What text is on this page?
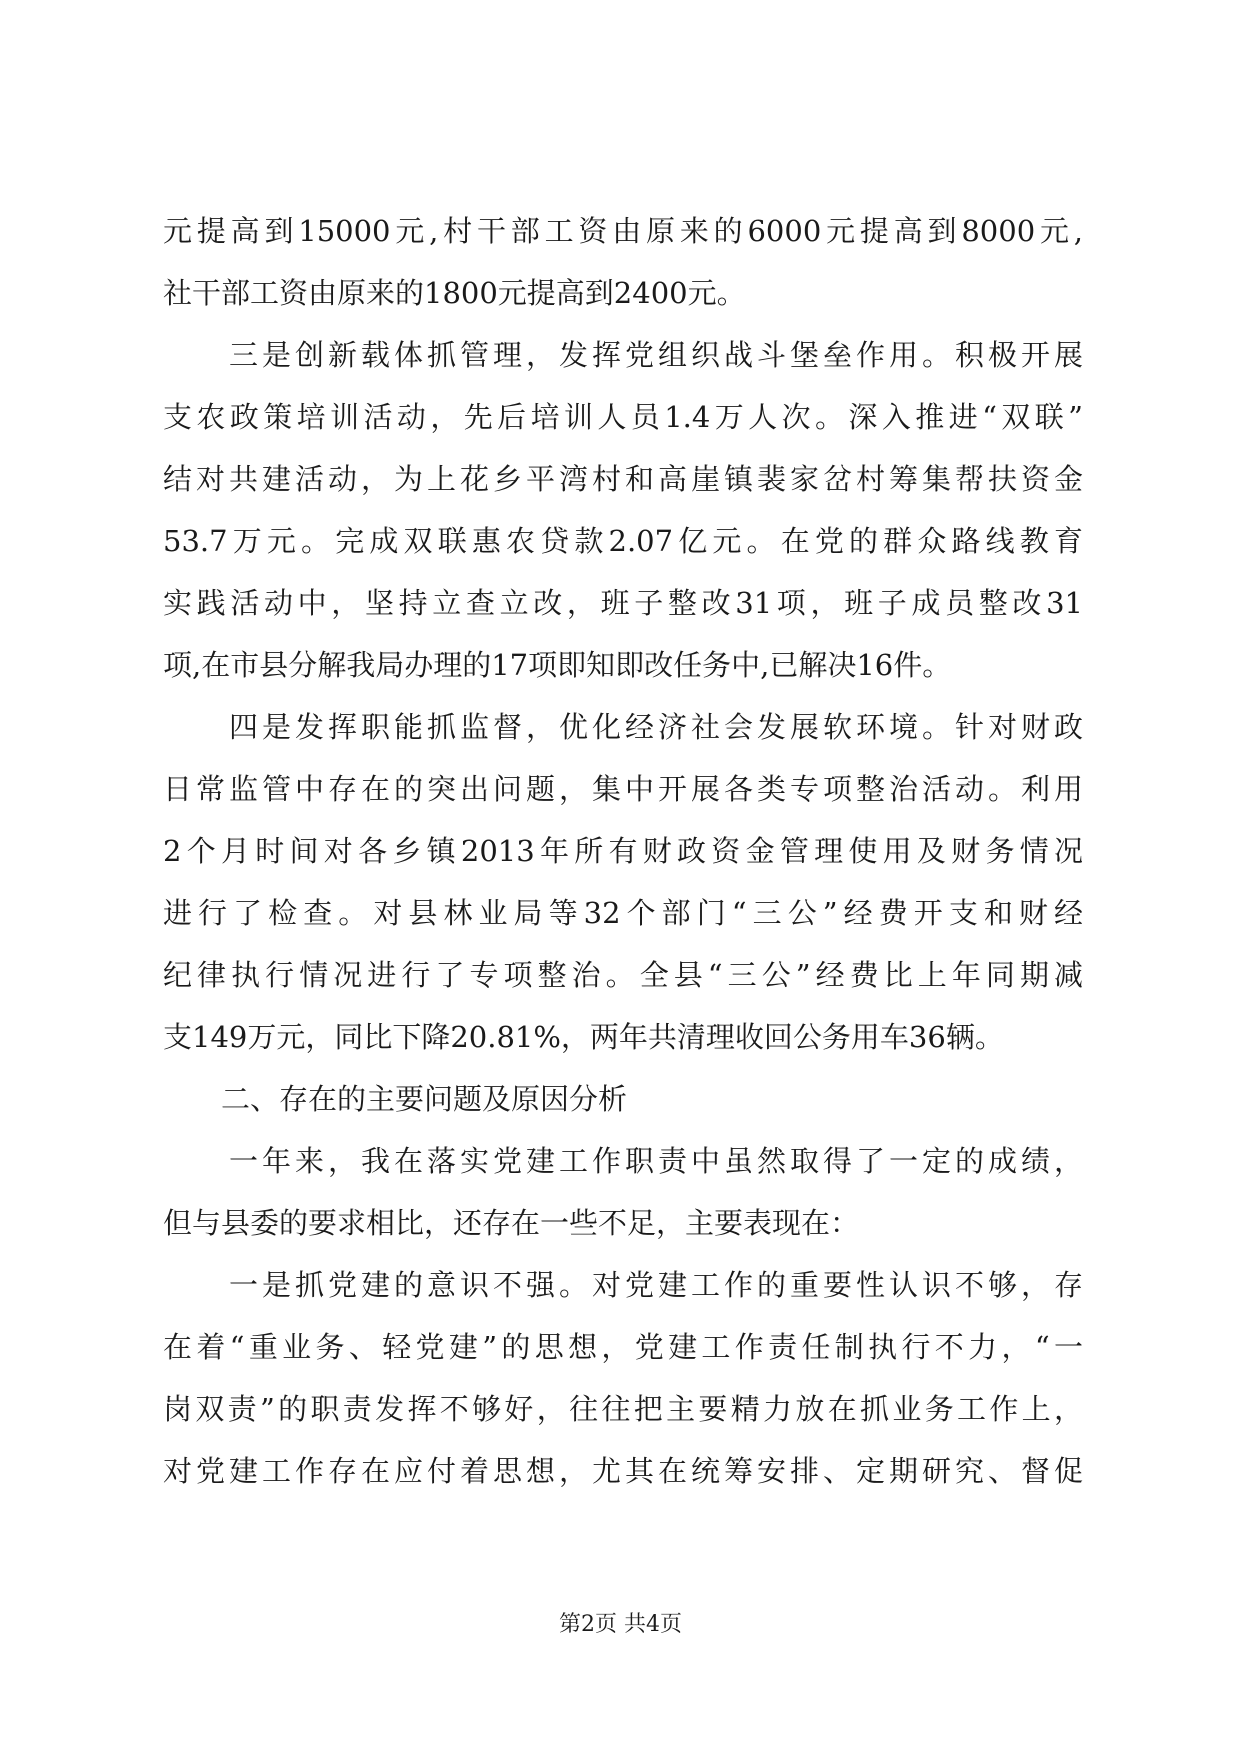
元提高到15000元,村干部工资由原来的6000元提高到8000元,
社干部工资由原来的1800元提高到2400元。
　　三是创新载体抓管理，发挥党组织战斗堡垒作用。积极开展
支农政策培训活动，先后培训人员1.4万人次。深入推进“双联”
结对共建活动，为上花乡平湾村和高崖镇裴家岔村筹集帮扶资金
53.7万元。完成双联惠农贷款2.07亿元。在党的群众路线教育
实践活动中，坚持立查立改，班子整改31项，班子成员整改31
项,在市县分解我局办理的17项即知即改任务中,已解决16件。
　　四是发挥职能抓监督，优化经济社会发展软环境。针对财政
日常监管中存在的突出问题，集中开展各类专项整治活动。利用
2个月时间对各乡镇2013年所有财政资金管理使用及财务情况
进行了检查。对县林业局等32个部门“三公”经费开支和财经
纪律执行情况进行了专项整治。全县“三公”经费比上年同期减
支149万元，同比下降20.81%，两年共清理收回公务用车36辆。
　　二、存在的主要问题及原因分析
　　一年来，我在落实党建工作职责中虽然取得了一定的成绩，
但与县委的要求相比，还存在一些不足，主要表现在：
　　一是抓党建的意识不强。对党建工作的重要性认识不够，存
在着“重业务、轻党建”的思想，党建工作责任制执行不力，“一
岗双责”的职责发挥不够好，往往把主要精力放在抓业务工作上，
对党建工作存在应付着思想，尤其在统筹安排、定期研究、督促
第2页 共4页
